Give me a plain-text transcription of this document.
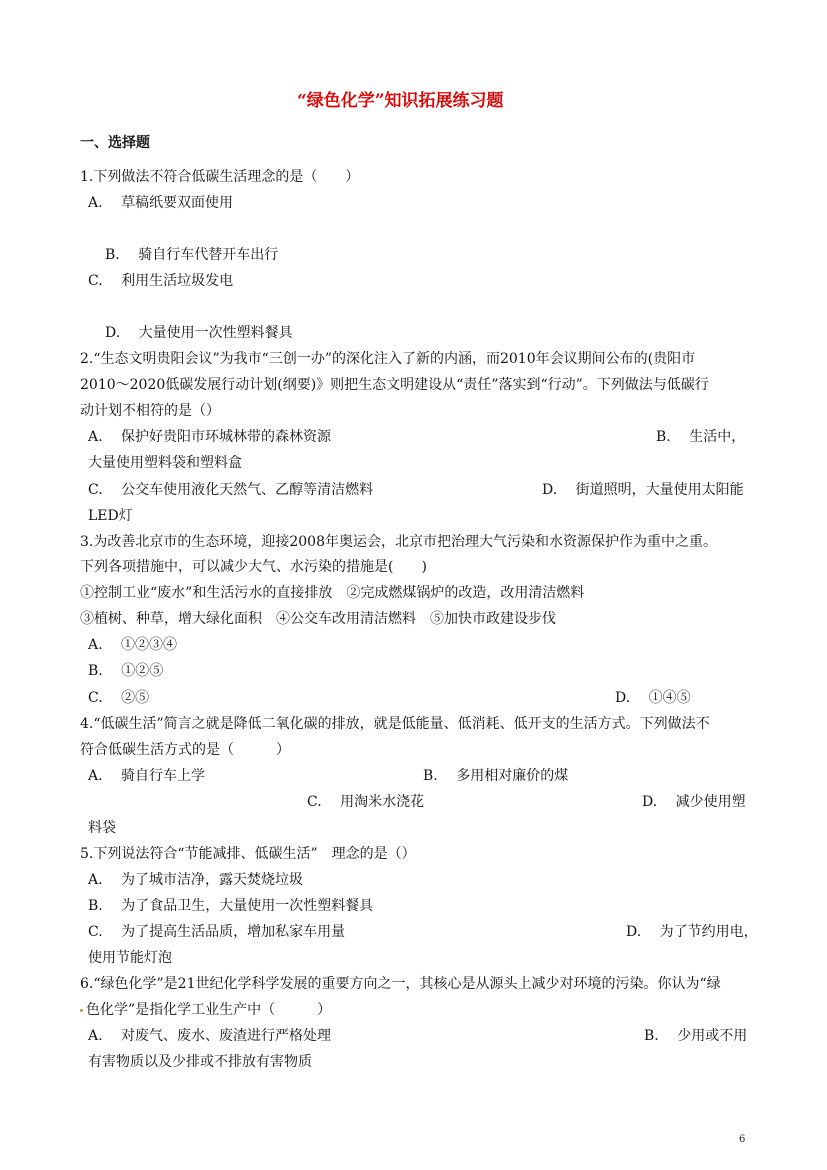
“绿色化学”知识拓展练习题
一、选择题
1.下列做法不符合低碳生活理念的是（　　）
A.　 草稿纸要双面使用
B.　 骑自行车代替开车出行
C.　 利用生活垃圾发电
D.　 大量使用一次性塑料餐具
2.“生态文明贵阳会议”为我市“三创一办”的深化注入了新的内涵，而2010年会议期间公布的(贵阳市
2010～2020低碳发展行动计划(纲要)》则把生态文明建设从“责任”落实到“行动”。下列做法与低碳行
动计划不相符的是（）
A.　 保护好贵阳市环城林带的森林资源	B.　 生活中，
大量使用塑料袋和塑料盒
C.　 公交车使用液化天然气、乙醇等清洁燃料	D.　 街道照明，大量使用太阳能
LED灯
3.为改善北京市的生态环境，迎接2008年奥运会，北京市把治理大气污染和水资源保护作为重中之重。
下列各项措施中，可以减少大气、水污染的措施是(　　)
①控制工业“废水”和生活污水的直接排放　②完成燃煤锅炉的改造，改用清洁燃料
③植树、种草，增大绿化面积　④公交车改用清洁燃料　⑤加快市政建设步伐
A.　 ①②③④
B.　 ①②⑤
C.　 ②⑤	D.　 ①④⑤
4.“低碳生活”简言之就是降低二氧化碳的排放，就是低能量、低消耗、低开支的生活方式。下列做法不
符合低碳生活方式的是（　　　）
A.　 骑自行车上学	B.　 多用相对廉价的煤
C.　 用淘米水浇花	D.　 减少使用塑
料袋
5.下列说法符合“节能减排、低碳生活”　理念的是（）
A.　 为了城市洁净，露天焚烧垃圾
B.　 为了食品卫生，大量使用一次性塑料餐具
C.　 为了提高生活品质，增加私家车用量	D.　 为了节约用电，
使用节能灯泡
6.“绿色化学”是21世纪化学科学发展的重要方向之一，其核心是从源头上减少对环境的污染。你认为“绿
色化学”是指化学工业生产中（　　　）
A.　 对废气、废水、废渣进行严格处理	B.　 少用或不用
有害物质以及少排或不排放有害物质
6
